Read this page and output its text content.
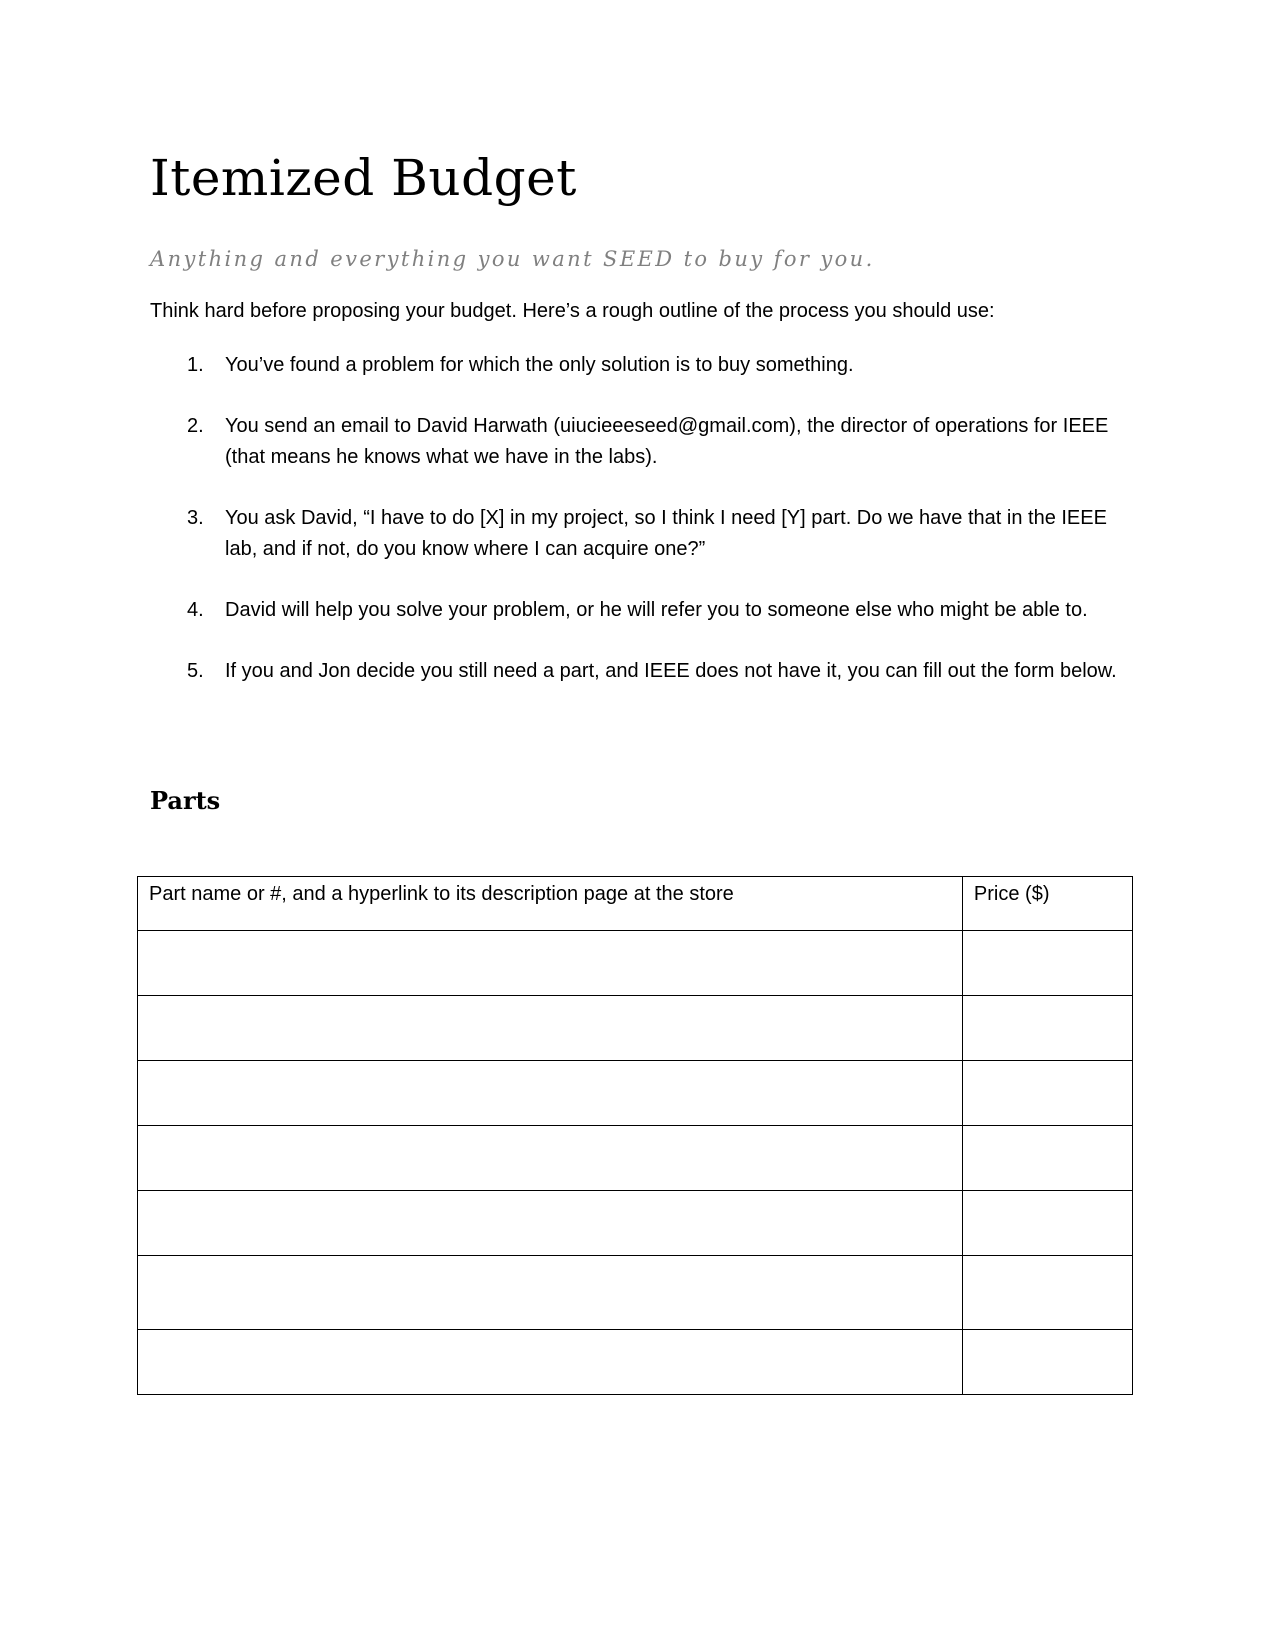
Itemized Budget

Anything and everything you want SEED to buy for you.

Think hard before proposing your budget. Here’s a rough outline of the process you should use:

1. You’ve found a problem for which the only solution is to buy something.
2. You send an email to David Harwath (uiucieeeseed@gmail.com), the director of operations for IEEE (that means he knows what we have in the labs).
3. You ask David, “I have to do [X] in my project, so I think I need [Y] part. Do we have that in the IEEE lab, and if not, do you know where I can acquire one?”
4. David will help you solve your problem, or he will refer you to someone else who might be able to.
5. If you and Jon decide you still need a part, and IEEE does not have it, you can fill out the form below.
Parts
Part name or #, and a hyperlink to its description page at the store	Price ($)
